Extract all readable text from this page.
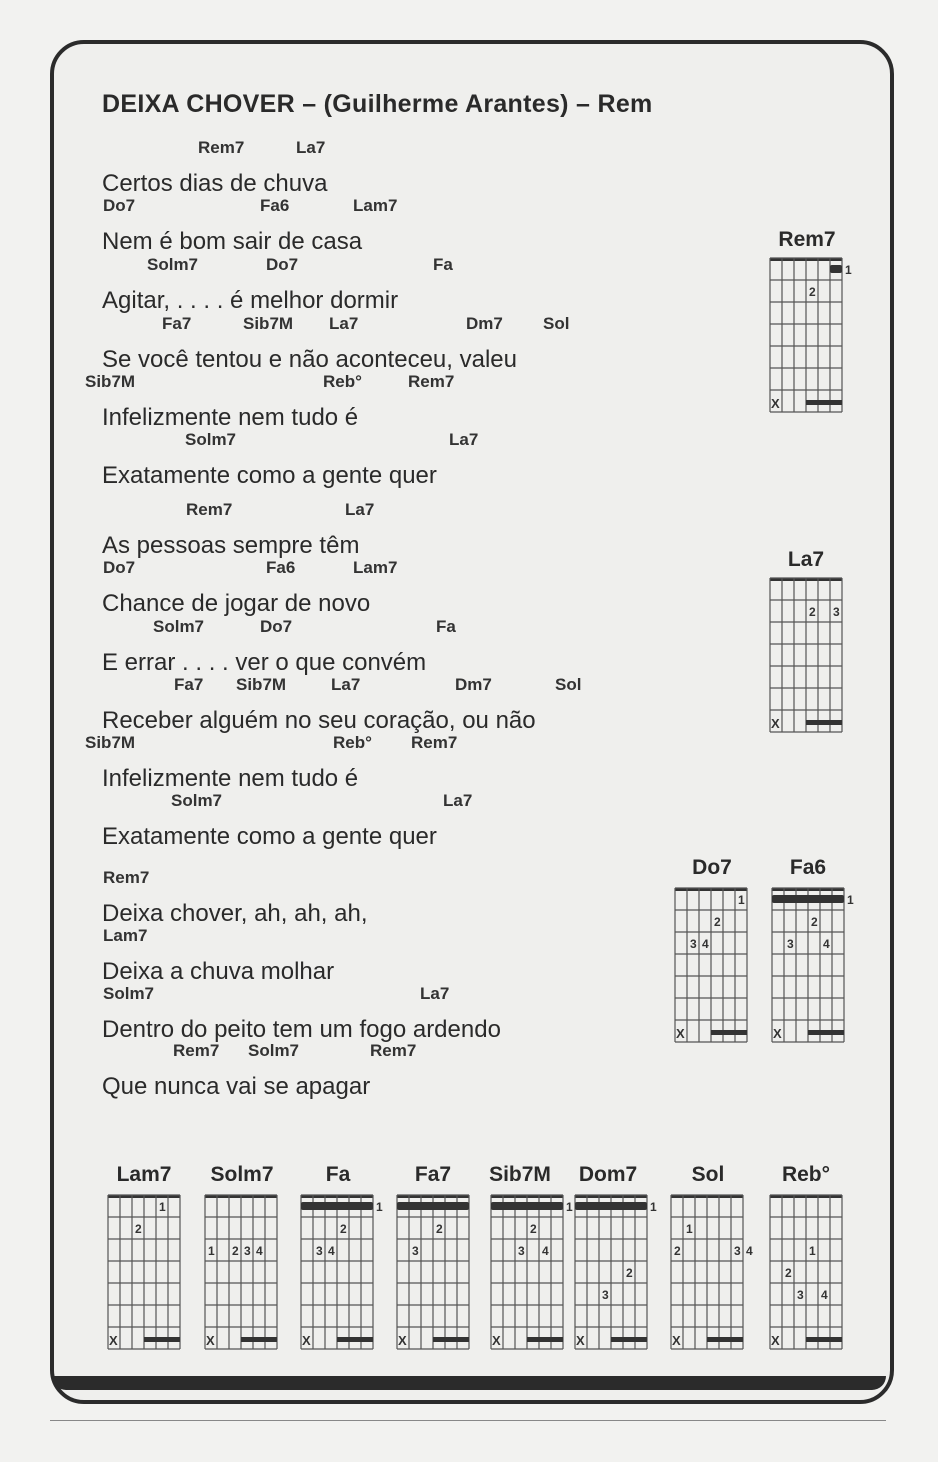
DEIXA CHOVER – (Guilherme Arantes) – Rem
Rem7	La7
Certos dias de chuva
Do7	Fa6	Lam7
Nem é bom sair de casa
Solm7	Do7	Fa
Agitar, . . . . é melhor dormir
Fa7	Sib7M La7	Dm7 Sol
Se você tentou e não aconteceu, valeu
Sib7M	Reb°	Rem7
Infelizmente nem tudo é
Solm7	La7
Exatamente como a gente quer
Rem7	La7
As pessoas sempre têm
Do7	Fa6	Lam7
Chance de jogar de novo
Solm7	Do7	Fa
E errar . . . . ver o que convém
Fa7 Sib7M	La7	Dm7	Sol
Receber alguém no seu coração, ou não
Sib7M	Reb° Rem7
Infelizmente nem tudo é
Solm7	La7
Exatamente como a gente quer
Rem7
Deixa chover, ah, ah, ah,
Lam7
Deixa a chuva molhar
Solm7	La7
Dentro do peito tem um fogo ardendo
Rem7 Solm7	Rem7
Que nunca vai se apagar
Rem7
1
2
X
La7
2 3
X
Do7
1
2
3 4
X
Fa6
1
2
3 4
X
Lam7
1
2
X
Solm7
1 2 3 4
X
Fa
1
2
3 4
X
Fa7
2
3
X
Sib7M
1
2
3 4
X
Dom7
1
2
3
X
Sol
1
2	3 4
X
Reb°
1
2
3 4
X
